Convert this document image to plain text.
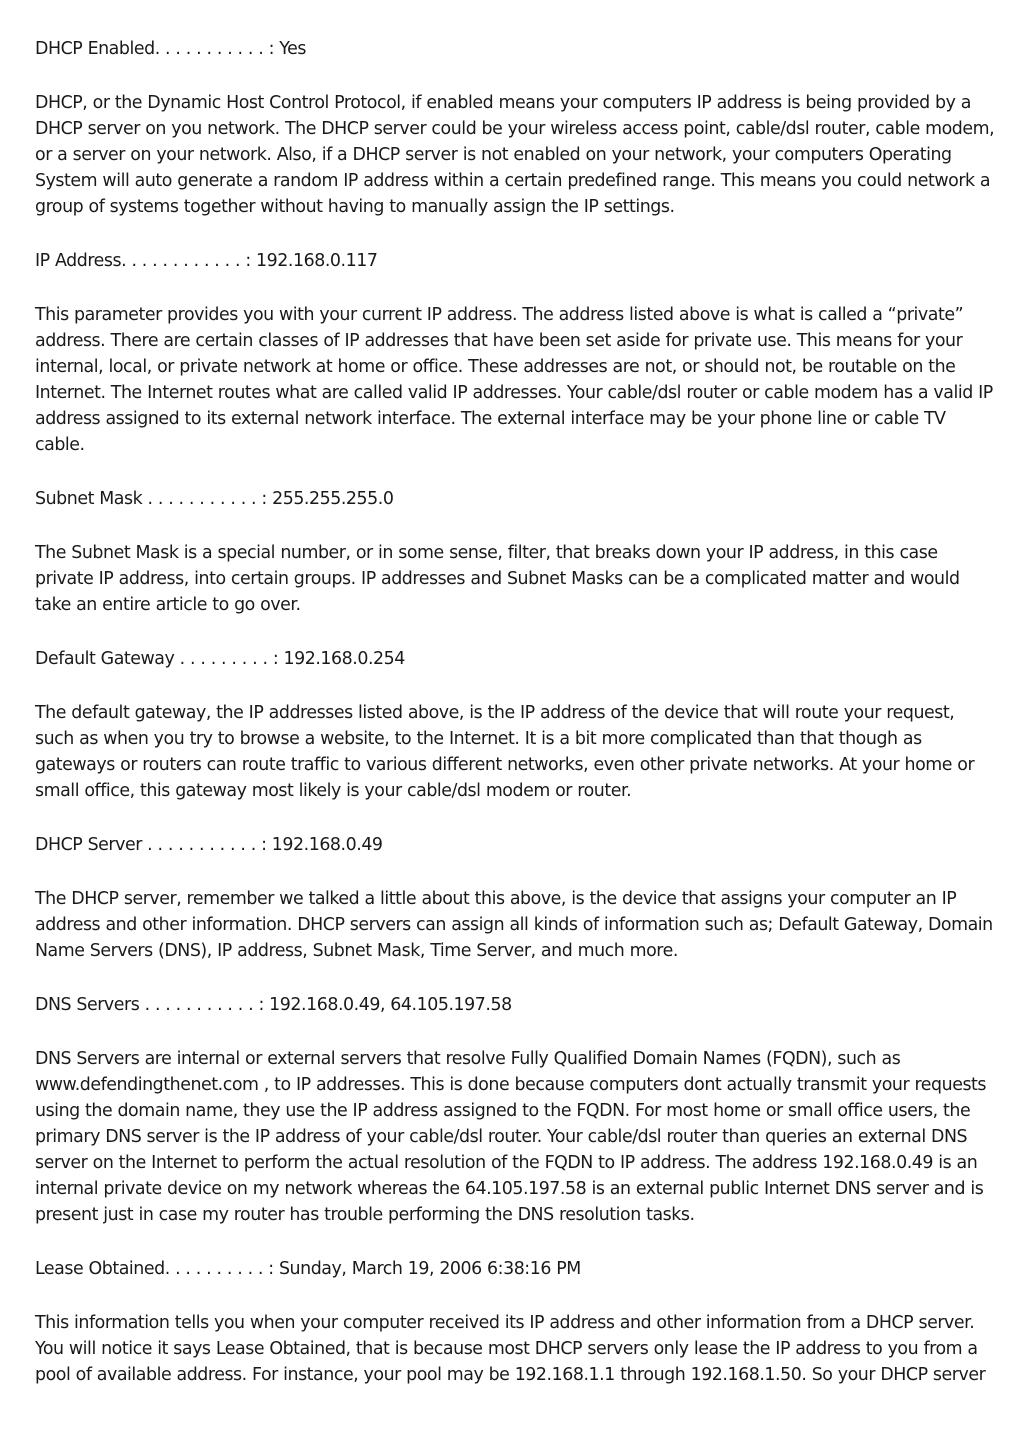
DHCP Enabled. . . . . . . . . . . : Yes

DHCP, or the Dynamic Host Control Protocol, if enabled means your computers IP address is being provided by a DHCP server on you network. The DHCP server could be your wireless access point, cable/dsl router, cable modem, or a server on your network. Also, if a DHCP server is not enabled on your network, your computers Operating System will auto generate a random IP address within a certain predefined range. This means you could network a group of systems together without having to manually assign the IP settings.

IP Address. . . . . . . . . . . . : 192.168.0.117

This parameter provides you with your current IP address. The address listed above is what is called a “private” address. There are certain classes of IP addresses that have been set aside for private use. This means for your internal, local, or private network at home or office. These addresses are not, or should not, be routable on the Internet. The Internet routes what are called valid IP addresses. Your cable/dsl router or cable modem has a valid IP address assigned to its external network interface. The external interface may be your phone line or cable TV cable.

Subnet Mask . . . . . . . . . . . : 255.255.255.0

The Subnet Mask is a special number, or in some sense, filter, that breaks down your IP address, in this case private IP address, into certain groups. IP addresses and Subnet Masks can be a complicated matter and would take an entire article to go over.

Default Gateway . . . . . . . . . : 192.168.0.254

The default gateway, the IP addresses listed above, is the IP address of the device that will route your request, such as when you try to browse a website, to the Internet. It is a bit more complicated than that though as gateways or routers can route traffic to various different networks, even other private networks. At your home or small office, this gateway most likely is your cable/dsl modem or router.

DHCP Server . . . . . . . . . . . : 192.168.0.49

The DHCP server, remember we talked a little about this above, is the device that assigns your computer an IP address and other information. DHCP servers can assign all kinds of information such as; Default Gateway, Domain Name Servers (DNS), IP address, Subnet Mask, Time Server, and much more.

DNS Servers . . . . . . . . . . . : 192.168.0.49, 64.105.197.58

DNS Servers are internal or external servers that resolve Fully Qualified Domain Names (FQDN), such as www.defendingthenet.com , to IP addresses. This is done because computers dont actually transmit your requests using the domain name, they use the IP address assigned to the FQDN. For most home or small office users, the primary DNS server is the IP address of your cable/dsl router. Your cable/dsl router than queries an external DNS server on the Internet to perform the actual resolution of the FQDN to IP address. The address 192.168.0.49 is an internal private device on my network whereas the 64.105.197.58 is an external public Internet DNS server and is present just in case my router has trouble performing the DNS resolution tasks.

Lease Obtained. . . . . . . . . . : Sunday, March 19, 2006 6:38:16 PM

This information tells you when your computer received its IP address and other information from a DHCP server. You will notice it says Lease Obtained, that is because most DHCP servers only lease the IP address to you from a pool of available address. For instance, your pool may be 192.168.1.1 through 192.168.1.50. So your DHCP server
